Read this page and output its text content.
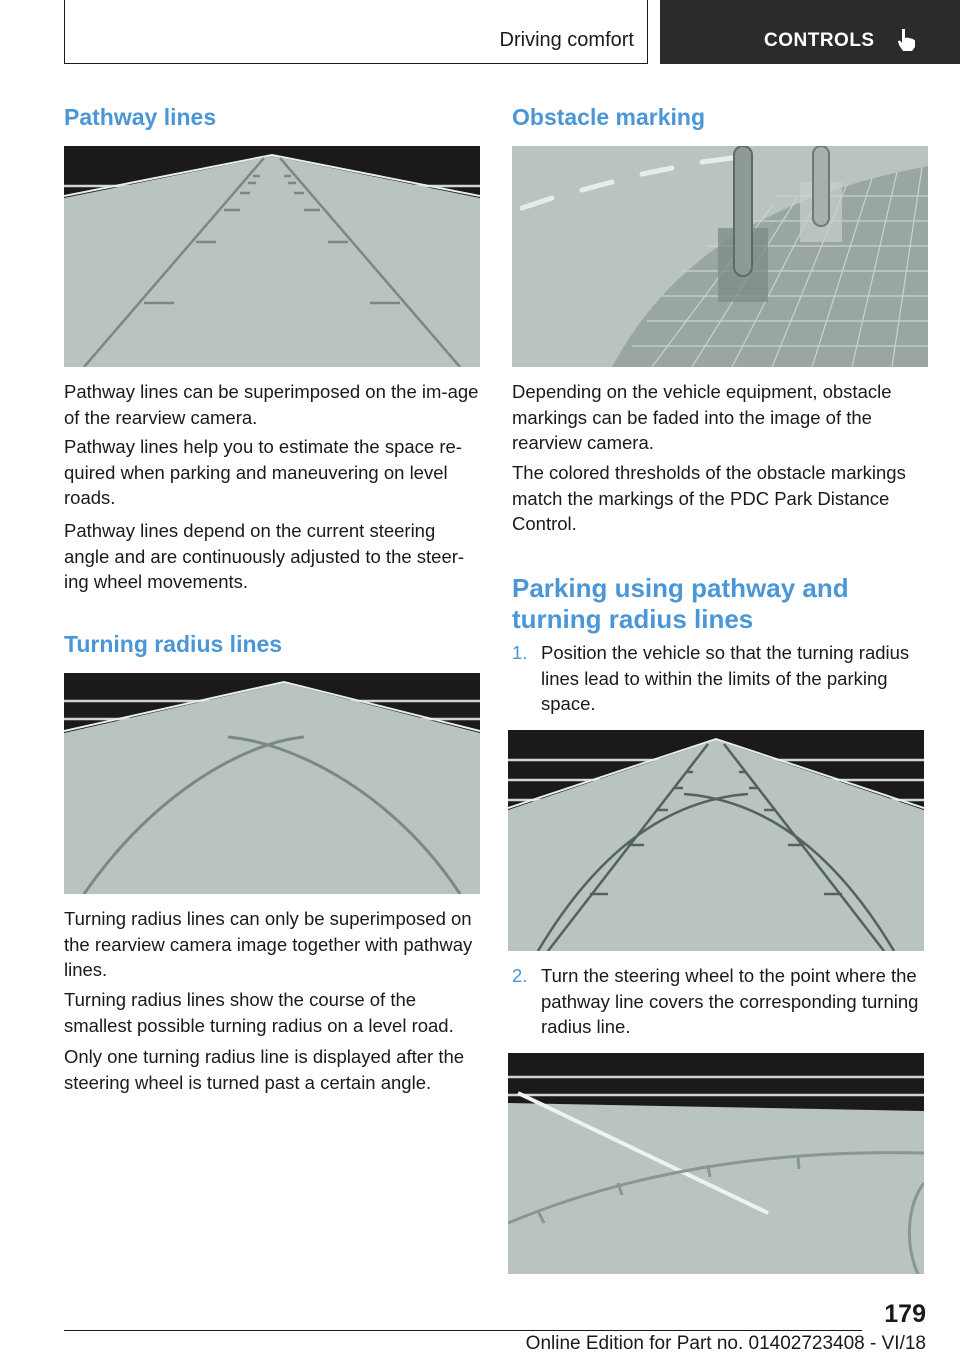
Driving comfort	CONTROLS
Pathway lines

Pathway lines can be superimposed on the im‐age of the rearview camera.

Pathway lines help you to estimate the space re‐quired when parking and maneuvering on level roads.

Pathway lines depend on the current steering angle and are continuously adjusted to the steer‐ing wheel movements.

Turning radius lines

Turning radius lines can only be superimposed on the rearview camera image together with pathway lines.

Turning radius lines show the course of the smallest possible turning radius on a level road.

Only one turning radius line is displayed after the steering wheel is turned past a certain angle.

Obstacle marking

Depending on the vehicle equipment, obstacle markings can be faded into the image of the rearview camera.

The colored thresholds of the obstacle markings match the markings of the PDC Park Distance Control.

Parking using pathway and turning radius lines
1. Position the vehicle so that the turning radius lines lead to within the limits of the parking space.
2. Turn the steering wheel to the point where the pathway line covers the corresponding turning radius line.
179
Online Edition for Part no. 01402723408 - VI/18
